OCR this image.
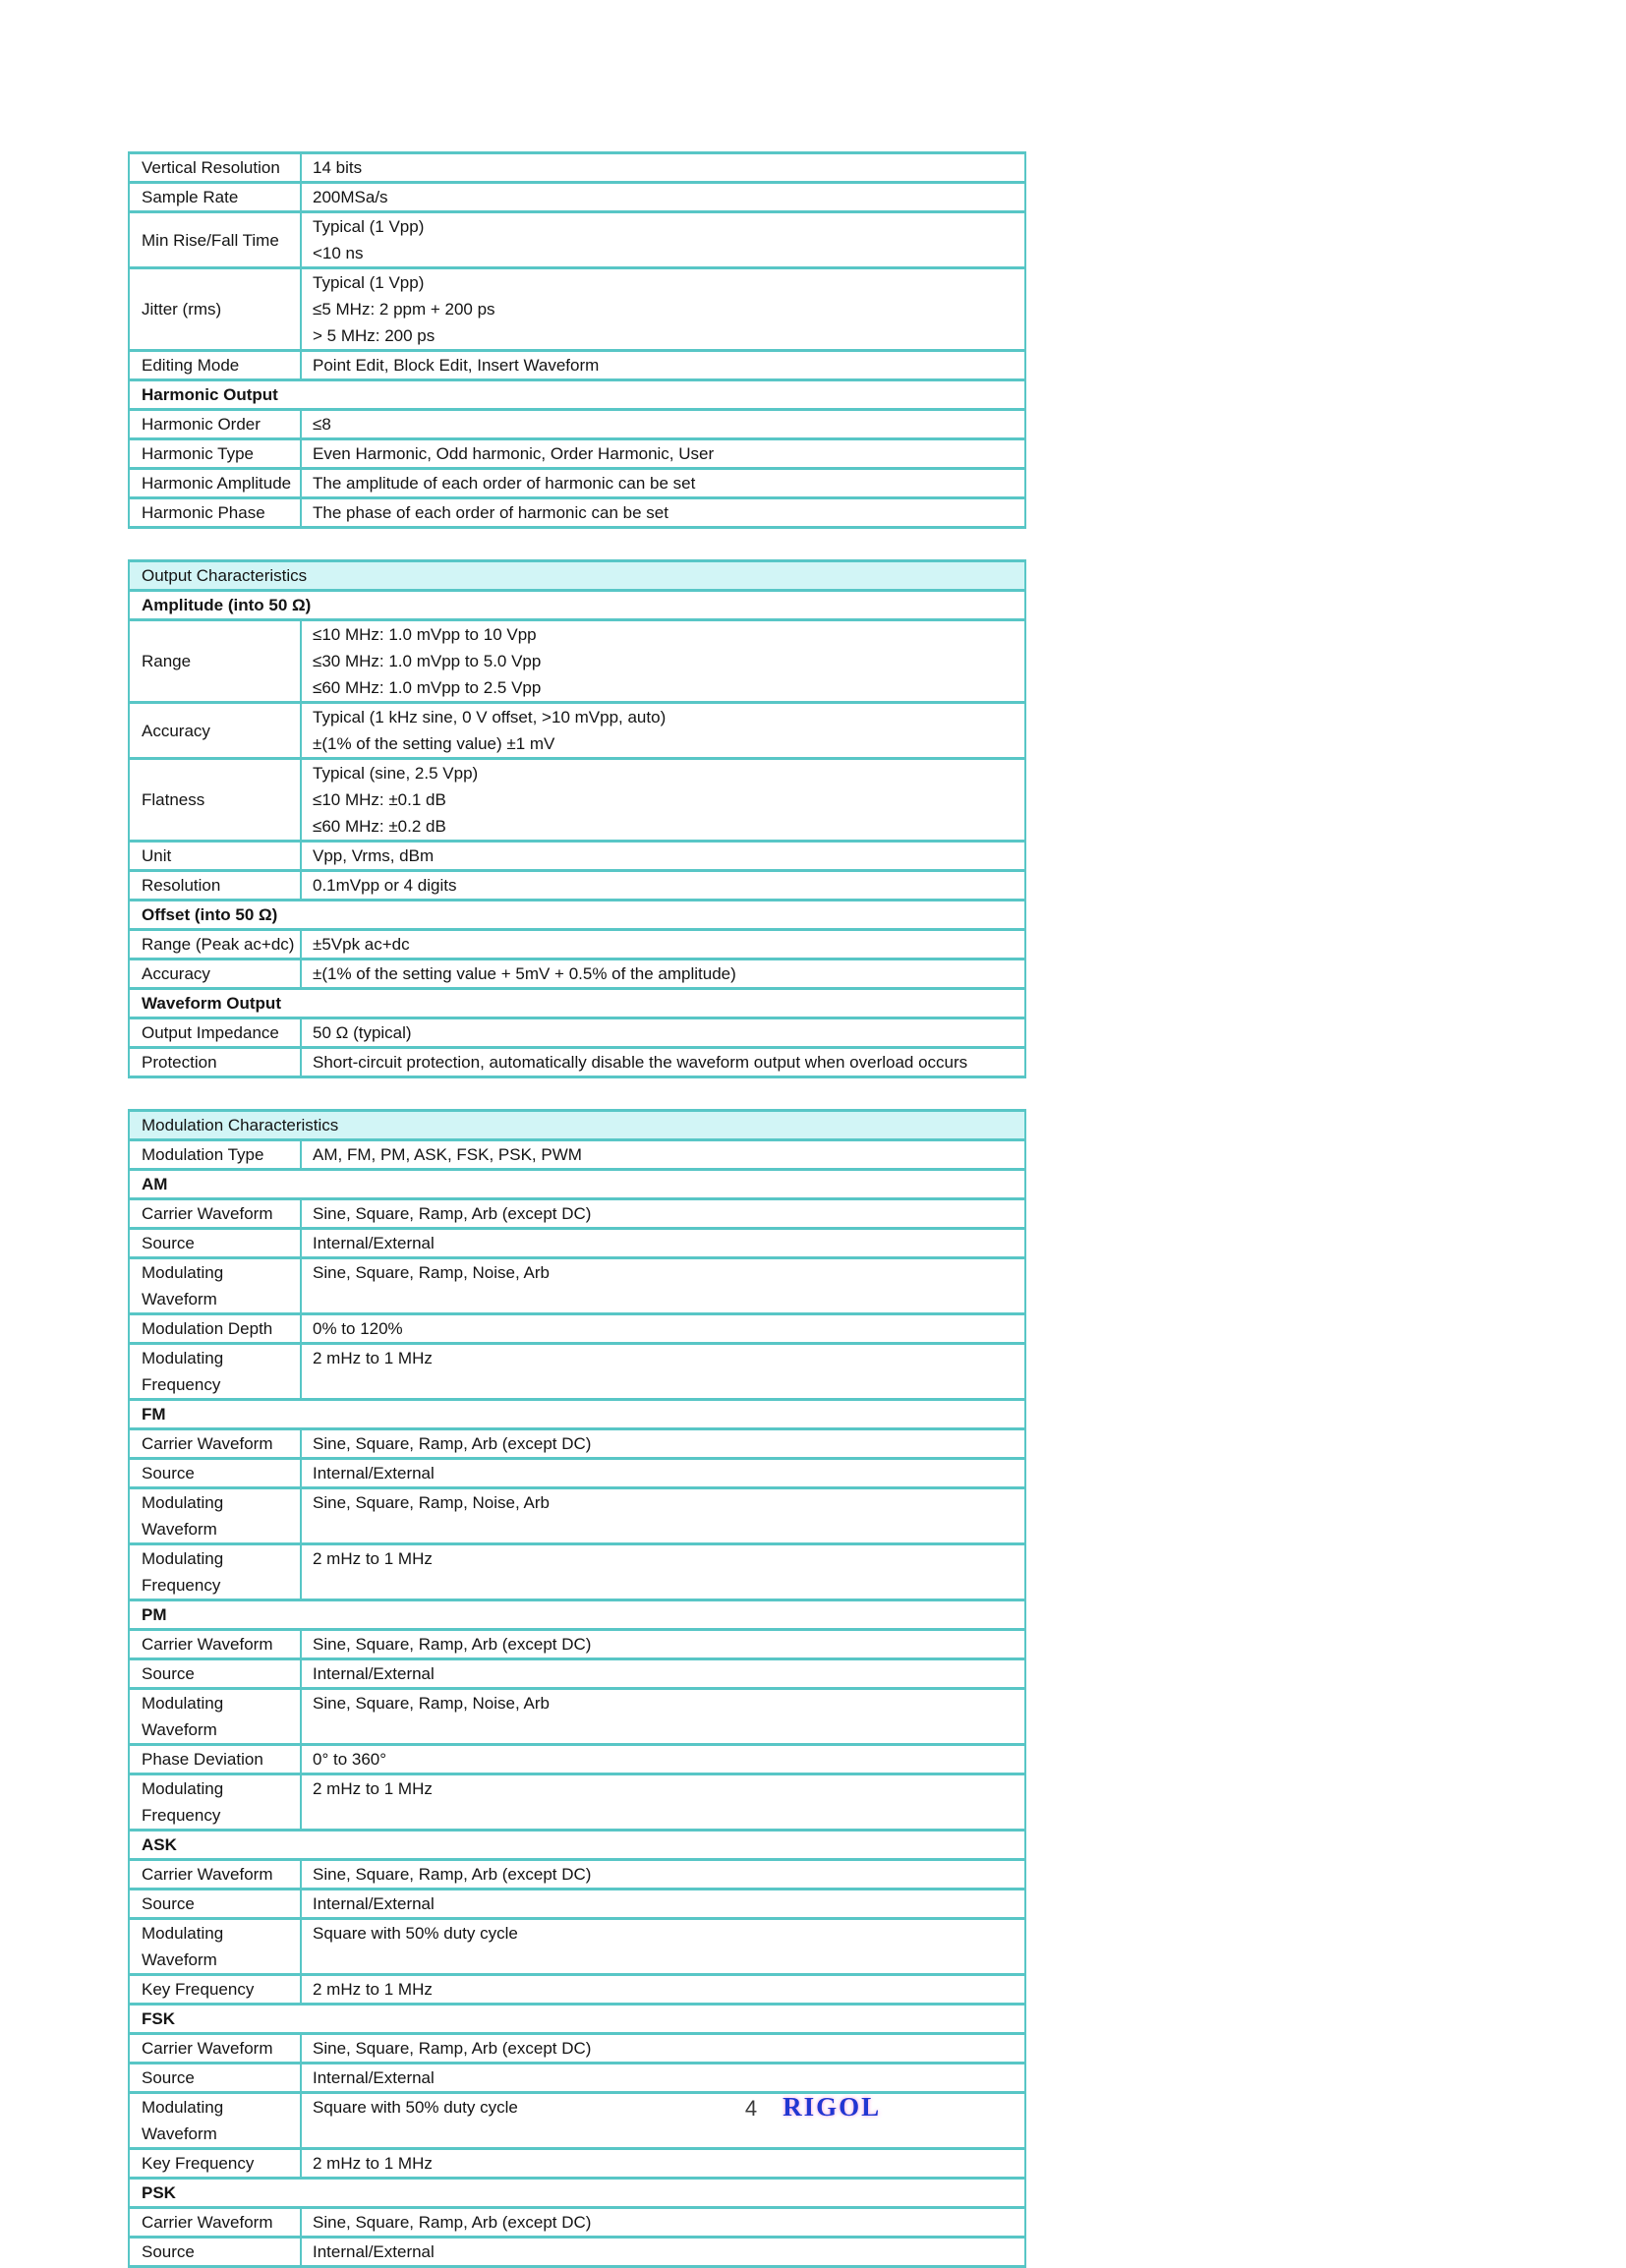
Vertical Resolution	14 bits

Sample Rate	200MSa/s

Min Rise/Fall Time	Typical (1 Vpp)
<10 ns

Jitter (rms)	Typical (1 Vpp)
≤5 MHz: 2 ppm + 200 ps
> 5 MHz: 200 ps

Editing Mode	Point Edit, Block Edit, Insert Waveform

Harmonic Output	
Harmonic Order	≤8

Harmonic Type	Even Harmonic, Odd harmonic, Order Harmonic, User

Harmonic Amplitude	The amplitude of each order of harmonic can be set

Harmonic Phase	The phase of each order of harmonic can be set
Output Characteristics	
Amplitude (into 50 Ω)	
Range	≤10 MHz: 1.0 mVpp to 10 Vpp
≤30 MHz: 1.0 mVpp to 5.0 Vpp
≤60 MHz: 1.0 mVpp to 2.5 Vpp

Accuracy	Typical (1 kHz sine, 0 V offset, >10 mVpp, auto)
±(1% of the setting value) ±1 mV

Flatness	Typical (sine, 2.5 Vpp)
≤10 MHz: ±0.1 dB
≤60 MHz: ±0.2 dB

Unit	Vpp, Vrms, dBm

Resolution	0.1mVpp or 4 digits

Offset (into 50 Ω)	
Range (Peak ac+dc)	±5Vpk ac+dc

Accuracy	±(1% of the setting value + 5mV + 0.5% of the amplitude)

Waveform Output	
Output Impedance	50 Ω (typical)

Protection	Short-circuit protection, automatically disable the waveform output when overload occurs
Modulation Characteristics	
Modulation Type	AM, FM, PM, ASK, FSK, PSK, PWM

AM	
Carrier Waveform	Sine, Square, Ramp, Arb (except DC)

Source	Internal/External

Modulating Waveform	Sine, Square, Ramp, Noise, Arb

Modulation Depth	0% to 120%

Modulating Frequency	2 mHz to 1 MHz

FM	
Carrier Waveform	Sine, Square, Ramp, Arb (except DC)

Source	Internal/External

Modulating Waveform	Sine, Square, Ramp, Noise, Arb

Modulating Frequency	2 mHz to 1 MHz

PM	
Carrier Waveform	Sine, Square, Ramp, Arb (except DC)

Source	Internal/External

Modulating Waveform	Sine, Square, Ramp, Noise, Arb

Phase Deviation	0° to 360°

Modulating Frequency	2 mHz to 1 MHz

ASK	
Carrier Waveform	Sine, Square, Ramp, Arb (except DC)

Source	Internal/External

Modulating Waveform	Square with 50% duty cycle

Key Frequency	2 mHz to 1 MHz

FSK	
Carrier Waveform	Sine, Square, Ramp, Arb (except DC)

Source	Internal/External

Modulating Waveform	Square with 50% duty cycle

Key Frequency	2 mHz to 1 MHz

PSK	
Carrier Waveform	Sine, Square, Ramp, Arb (except DC)

Source	Internal/External
4 RIGOL
